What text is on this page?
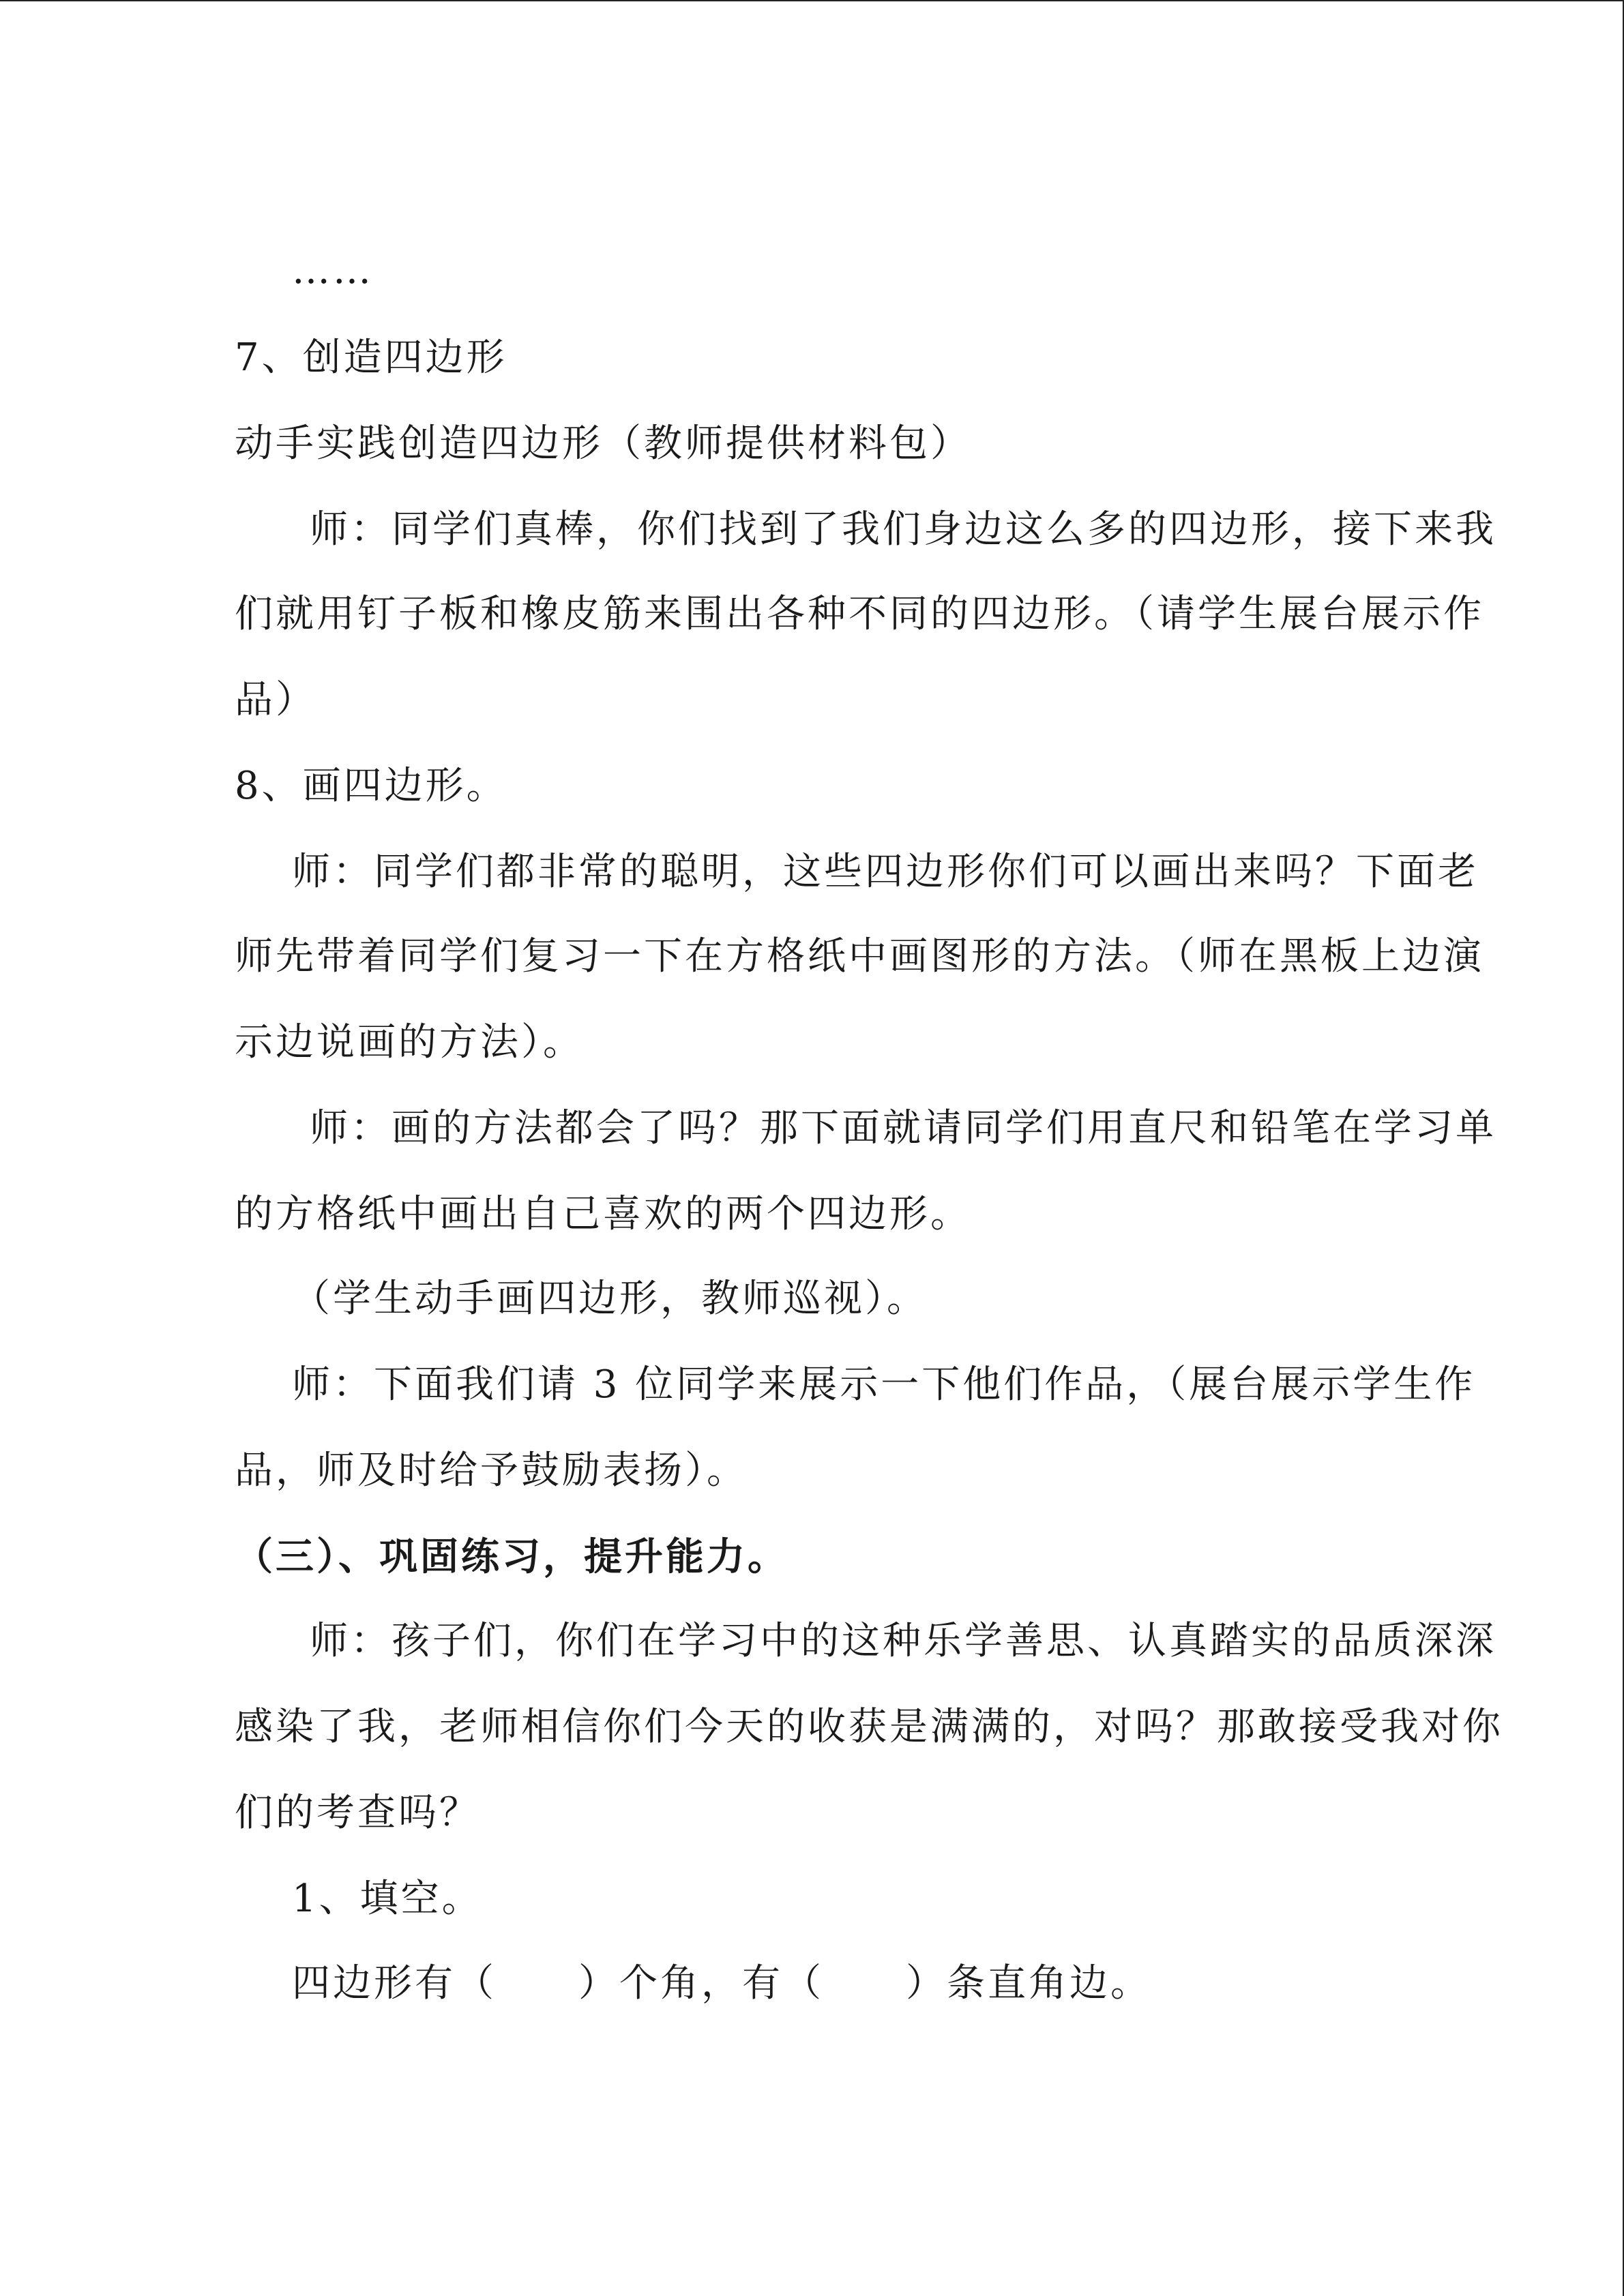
……
7、创造四边形
动手实践创造四边形（教师提供材料包）
师：同学们真棒，你们找到了我们身边这么多的四边形，接下来我
们就用钉子板和橡皮筋来围出各种不同的四边形。（请学生展台展示作
品）
8、画四边形。
师：同学们都非常的聪明，这些四边形你们可以画出来吗？下面老
师先带着同学们复习一下在方格纸中画图形的方法。（师在黑板上边演
示边说画的方法）。
师：画的方法都会了吗？那下面就请同学们用直尺和铅笔在学习单
的方格纸中画出自己喜欢的两个四边形。
（学生动手画四边形，教师巡视）。
师：下面我们请 3 位同学来展示一下他们作品，（展台展示学生作
品，师及时给予鼓励表扬）。
（三）、巩固练习，提升能力。
师：孩子们，你们在学习中的这种乐学善思、认真踏实的品质深深
感染了我，老师相信你们今天的收获是满满的，对吗？那敢接受我对你
们的考查吗？
1、填空。
四边形有（　　）个角，有（　　）条直角边。
